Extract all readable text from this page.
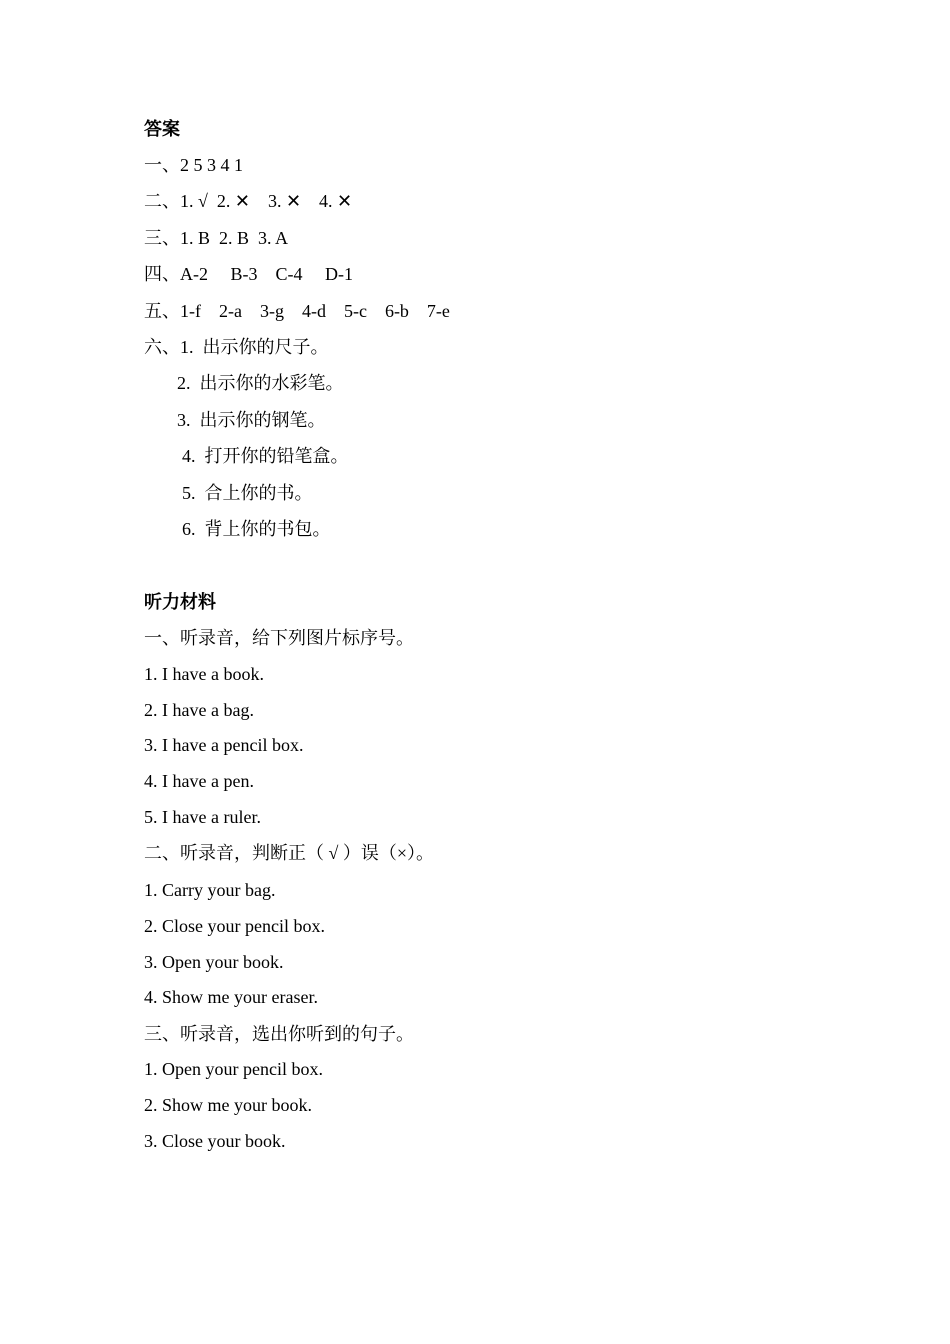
答案
一、2 5 3 4 1
二、1. √  2. ✕    3. ✕    4. ✕
三、1. B  2. B  3. A
四、A-2     B-3    C-4     D-1
五、1-f    2-a    3-g    4-d    5-c    6-b    7-e
六、1.  出示你的尺子。
2.  出示你的水彩笔。
3.  出示你的钢笔。
4.  打开你的铅笔盒。
5.  合上你的书。
6.  背上你的书包。
听力材料
一、听录音，给下列图片标序号。
1. I have a book.
2. I have a bag.
3. I have a pencil box.
4. I have a pen.
5. I have a ruler.
二、听录音，判断正（ √ ）误（×）。
1. Carry your bag.
2. Close your pencil box.
3. Open your book.
4. Show me your eraser.
三、听录音，选出你听到的句子。
1. Open your pencil box.
2. Show me your book.
3. Close your book.
